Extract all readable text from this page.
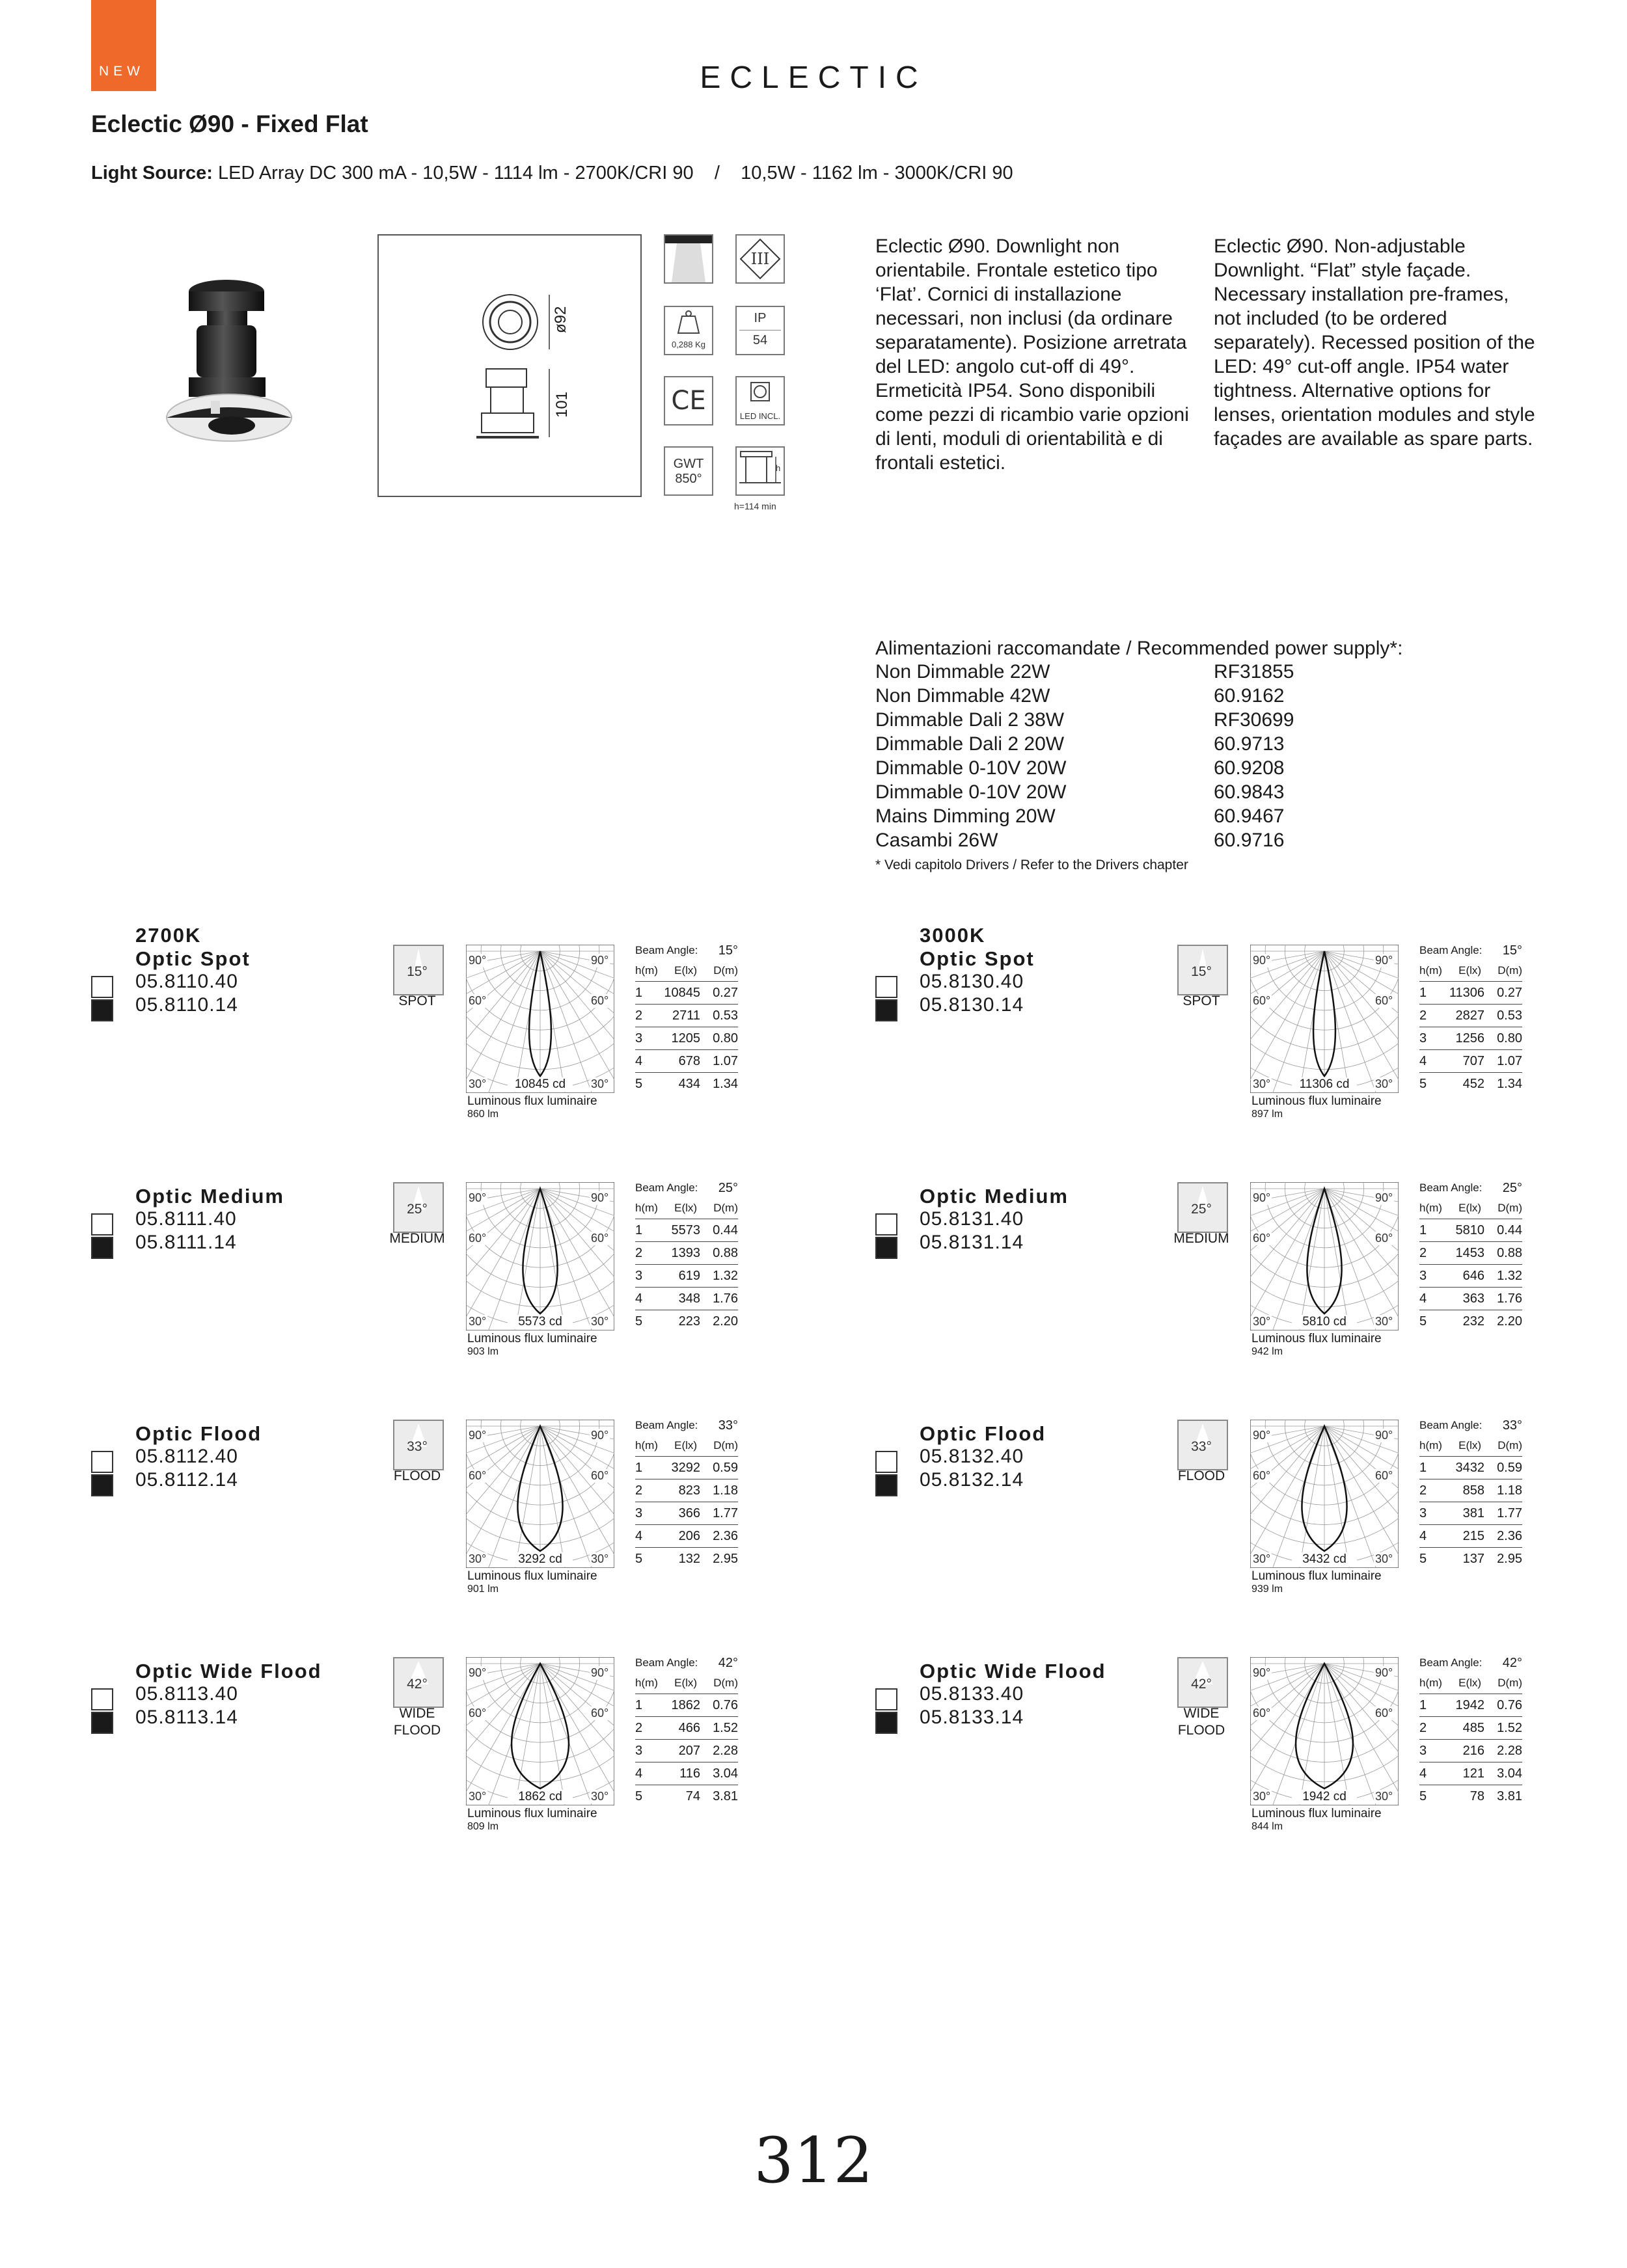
NEW	ECLECTIC
Eclectic Ø90 - Fixed Flat
Light Source: LED Array DC 300 mA - 10,5W - 1114 lm - 2700K/CRI 90    /    10,5W - 1162 lm - 3000K/CRI 90
ø92
101
III
0,288 Kg
IP
54
CE
LED INCL.
GWT
850°
h
h=114 min
Eclectic Ø90. Downlight non orientabile. Frontale estetico tipo ‘Flat’. Cornici di installazione necessari, non inclusi (da ordinare separatamente). Posizione arretrata del LED: angolo cut-off di 49°. Ermeticità IP54. Sono disponibili come pezzi di ricambio varie opzioni di lenti, moduli di orientabilità e di frontali estetici.
Eclectic Ø90. Non-adjustable Downlight. “Flat” style façade. Necessary installation pre-frames, not included (to be ordered separately). Recessed position of the LED: 49° cut-off angle. IP54 water tightness. Alternative options for lenses, orientation modules and style façades are available as spare parts.
Alimentazioni raccomandate / Recommended power supply*:
Non Dimmable 22W	RF31855
Non Dimmable 42W	60.9162
Dimmable Dali 2 38W	RF30699
Dimmable Dali 2 20W	60.9713
Dimmable 0-10V 20W	60.9208
Dimmable 0-10V 20W	60.9843
Mains Dimming 20W	60.9467
Casambi 26W	60.9716
* Vedi capitolo Drivers / Refer to the Drivers chapter
2700K
Optic Spot
05.8110.40
05.8110.14
15°
SPOT
90°	90°
60°	60°
30°	30°
10845 cd
Luminous flux luminaire
860 lm
Beam Angle: 15°
h(m) E(lx) D(m)
1	10845 0.27
2	2711 0.53
3	1205 0.80
4	678 1.07
5	434 1.34
Optic Medium
05.8111.40
05.8111.14
25°
MEDIUM
90°	90°
60°	60°
30°	30°
5573 cd
Luminous flux luminaire
903 lm
Beam Angle: 25°
h(m) E(lx) D(m)
1	5573 0.44
2	1393 0.88
3	619 1.32
4	348 1.76
5	223 2.20
Optic Flood
05.8112.40
05.8112.14
33°
FLOOD
90°	90°
60°	60°
30°	30°
3292 cd
Luminous flux luminaire
901 lm
Beam Angle: 33°
h(m) E(lx) D(m)
1	3292 0.59
2	823 1.18
3	366 1.77
4	206 2.36
5	132 2.95
Optic Wide Flood
05.8113.40
05.8113.14
42°
WIDE FLOOD
90°	90°
60°	60°
30°	30°
1862 cd
Luminous flux luminaire
809 lm
Beam Angle: 42°
h(m) E(lx) D(m)
1	1862 0.76
2	466 1.52
3	207 2.28
4	116 3.04
5	74 3.81
3000K
Optic Spot
05.8130.40
05.8130.14
15°
SPOT
90°	90°
60°	60°
30°	30°
11306 cd
Luminous flux luminaire
897 lm
Beam Angle: 15°
h(m) E(lx) D(m)
1	11306 0.27
2	2827 0.53
3	1256 0.80
4	707 1.07
5	452 1.34
Optic Medium
05.8131.40
05.8131.14
25°
MEDIUM
90°	90°
60°	60°
30°	30°
5810 cd
Luminous flux luminaire
942 lm
Beam Angle: 25°
h(m) E(lx) D(m)
1	5810 0.44
2	1453 0.88
3	646 1.32
4	363 1.76
5	232 2.20
Optic Flood
05.8132.40
05.8132.14
33°
FLOOD
90°	90°
60°	60°
30°	30°
3432 cd
Luminous flux luminaire
939 lm
Beam Angle: 33°
h(m) E(lx) D(m)
1	3432 0.59
2	858 1.18
3	381 1.77
4	215 2.36
5	137 2.95
Optic Wide Flood
05.8133.40
05.8133.14
42°
WIDE FLOOD
90°	90°
60°	60°
30°	30°
1942 cd
Luminous flux luminaire
844 lm
Beam Angle: 42°
h(m) E(lx) D(m)
1	1942 0.76
2	485 1.52
3	216 2.28
4	121 3.04
5	78 3.81
312
